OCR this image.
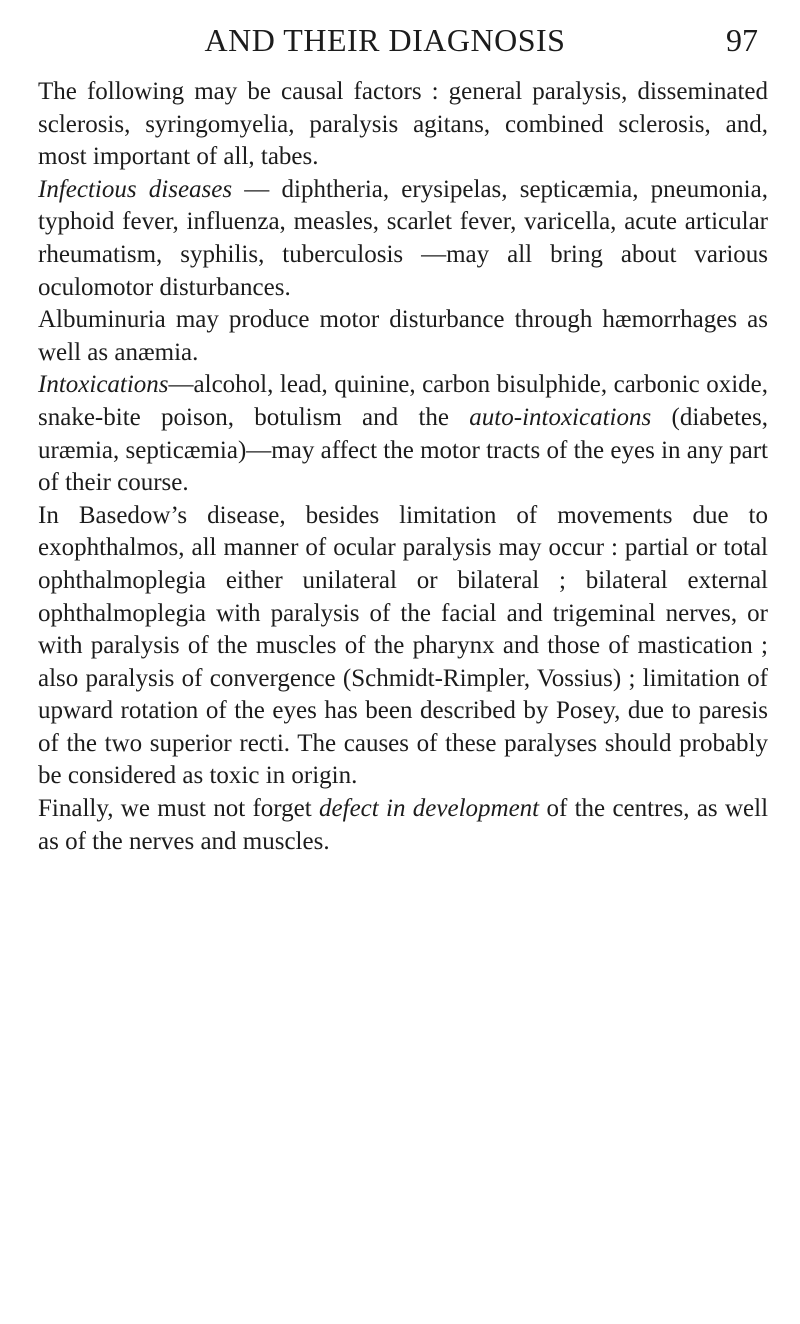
AND THEIR DIAGNOSIS	97

The following may be causal factors : general paralysis, disseminated sclerosis, syringomyelia, paralysis agitans, combined sclerosis, and, most important of all, tabes.

Infectious diseases — diphtheria, erysipelas, septicæmia, pneumonia, typhoid fever, influenza, measles, scarlet fever, varicella, acute articular rheumatism, syphilis, tuberculosis —may all bring about various oculomotor disturbances.

Albuminuria may produce motor disturbance through hæmorrhages as well as anæmia.

Intoxications—alcohol, lead, quinine, carbon bisulphide, carbonic oxide, snake-bite poison, botulism and the auto-intoxications (diabetes, uræmia, septicæmia)—may affect the motor tracts of the eyes in any part of their course.

In Basedow’s disease, besides limitation of movements due to exophthalmos, all manner of ocular paralysis may occur : partial or total ophthalmoplegia either unilateral or bilateral ; bilateral external ophthalmoplegia with paralysis of the facial and trigeminal nerves, or with paralysis of the muscles of the pharynx and those of mastication ; also paralysis of convergence (Schmidt-Rimpler, Vossius) ; limitation of upward rotation of the eyes has been described by Posey, due to paresis of the two superior recti. The causes of these paralyses should probably be considered as toxic in origin.

Finally, we must not forget defect in development of the centres, as well as of the nerves and muscles.
